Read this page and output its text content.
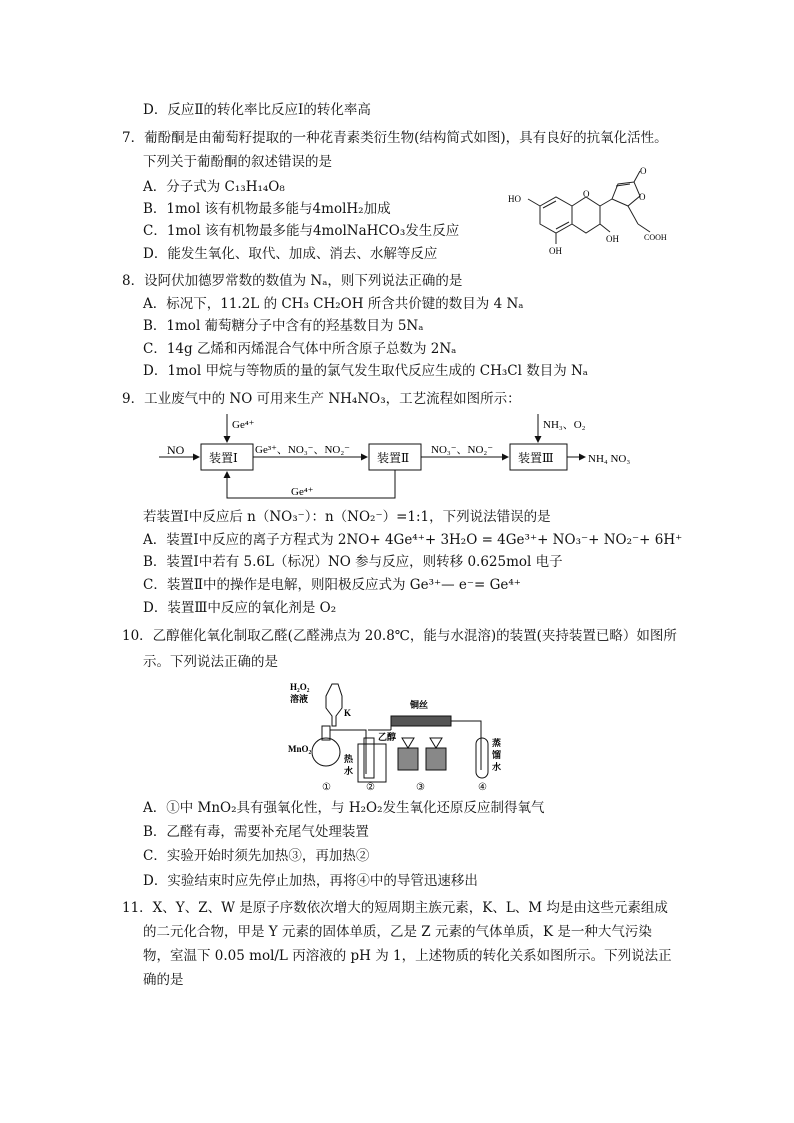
D．反应Ⅱ的转化率比反应Ⅰ的转化率高
7．葡酚酮是由葡萄籽提取的一种花青素类衍生物(结构简式如图)，具有良好的抗氧化活性。
下列关于葡酚酮的叙述错误的是
A．分子式为 C₁₃H₁₄O₈
B．1mol 该有机物最多能与4molH₂加成
C．1mol 该有机物最多能与4molNaHCO₃发生反应
D．能发生氧化、取代、加成、消去、水解等反应
HO
OH
OH
O
O
O
COOH
8．设阿伏加德罗常数的数值为 Nₐ，则下列说法正确的是
A．标况下，11.2L 的 CH₃ CH₂OH 所含共价键的数目为 4 Nₐ
B．1mol 葡萄糖分子中含有的羟基数目为 5Nₐ
C．14g 乙烯和丙烯混合气体中所含原子总数为 2Nₐ
D．1mol 甲烷与等物质的量的氯气发生取代反应生成的 CH₃Cl 数目为 Nₐ
9．工业废气中的 NO 可用来生产 NH₄NO₃，工艺流程如图所示：
NO
装置Ⅰ	装置Ⅱ	装置Ⅲ
Ge⁴⁺
Ge³⁺、NO₃⁻、NO₂⁻	NO₃⁻、NO₂⁻
NH₃、O₂
NH₄ NO₃
Ge⁴⁺
若装置Ⅰ中反应后 n（NO₃⁻）：n（NO₂⁻）=1:1，下列说法错误的是
A．装置Ⅰ中反应的离子方程式为 2NO+ 4Ge⁴⁺+ 3H₂O = 4Ge³⁺+ NO₃⁻+ NO₂⁻+ 6H⁺
B．装置Ⅰ中若有 5.6L（标况）NO 参与反应，则转移 0.625mol 电子
C．装置Ⅱ中的操作是电解，则阳极反应式为 Ge³⁺— e⁻= Ge⁴⁺
D．装置Ⅲ中反应的氧化剂是 O₂
10．乙醇催化氧化制取乙醛(乙醛沸点为 20.8℃，能与水混溶)的装置(夹持装置已略）如图所
示。下列说法正确的是
H₂O₂
溶液
K
MnO₂
铜丝
乙醇
热
水
蒸
馏
水
①	②	③	④
A．①中 MnO₂具有强氧化性，与 H₂O₂发生氧化还原反应制得氧气
B．乙醛有毒，需要补充尾气处理装置
C．实验开始时须先加热③，再加热②
D．实验结束时应先停止加热，再将④中的导管迅速移出
11．X、Y、Z、W 是原子序数依次增大的短周期主族元素，K、L、M 均是由这些元素组成
的二元化合物，甲是 Y 元素的固体单质，乙是 Z 元素的气体单质，K 是一种大气污染
物，室温下 0.05 mol/L 丙溶液的 pH 为 1，上述物质的转化关系如图所示。下列说法正
确的是
